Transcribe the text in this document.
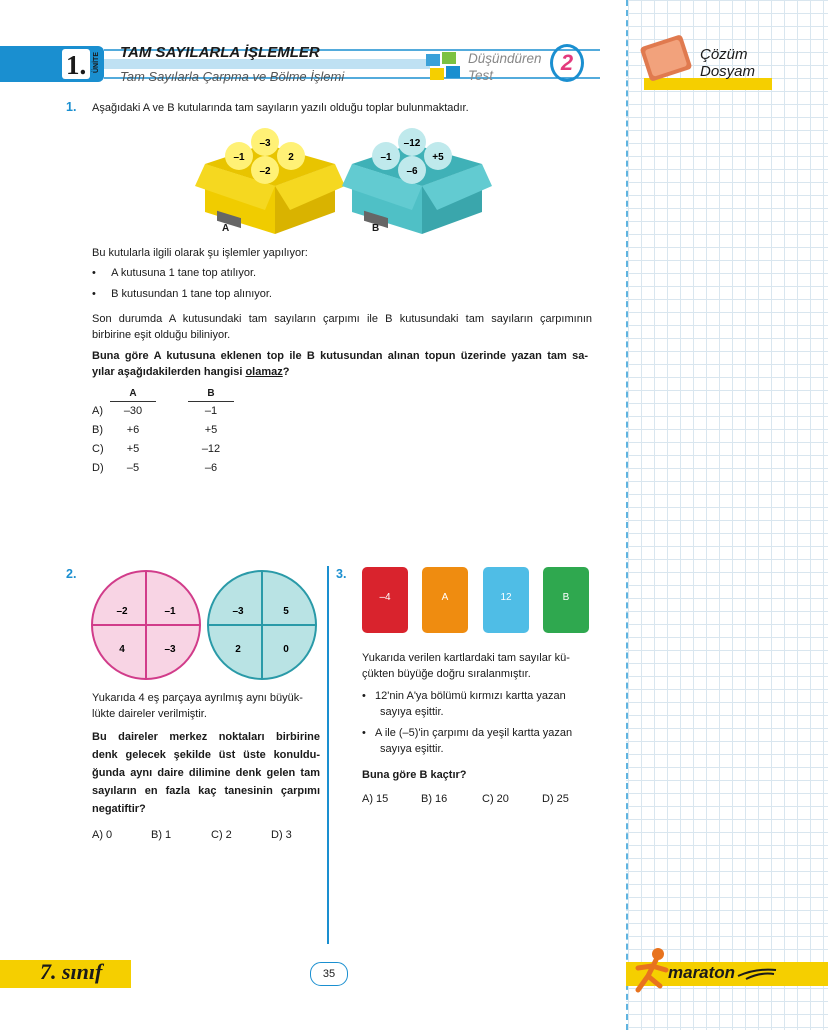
Çözüm
Dosyam
1. ÜNİTE TAM SAYILARLA İŞLEMLER
Tam Sayılarla Çarpma ve Bölme İşlemi
Düşündüren
Test
2
1. Aşağıdaki A ve B kutularında tam sayıların yazılı olduğu toplar bulunmaktadır.
–3
–1	2
–2
A
–12
–1	+5
–6
B
Bu kutularla ilgili olarak şu işlemler yapılıyor:
•     A kutusuna 1 tane top atılıyor.
•     B kutusundan 1 tane top alınıyor.
Son durumda A kutusundaki tam sayıların çarpımı ile B kutusundaki tam sayıların çarpımının
birbirine eşit olduğu biliniyor.
Buna göre A kutusuna eklenen top ile B kutusundan alınan topun üzerinde yazan tam sa-
yılar aşağıdakilerden hangisi olamaz?
A	B
A)	–30	–1
B)	+6	+5
C)	+5	–12
D)	–5	–6
2.
–2	–1
4	–3
–3	5
2	0
Yukarıda 4 eş parçaya ayrılmış aynı büyük-
lükte daireler verilmiştir.
Bu daireler merkez noktaları birbirine
denk gelecek şekilde üst üste konuldu-
ğunda aynı daire dilimine denk gelen tam
sayıların en fazla kaç tanesinin çarpımı
negatiftir?
A) 0	B) 1	C) 2	D) 3
3.
–4	A	12	B
Yukarıda verilen kartlardaki tam sayılar kü-
çükten büyüğe doğru sıralanmıştır.
•   12'nin A'ya bölümü kırmızı kartta yazan
sayıya eşittir.
•   A ile (–5)'in çarpımı da yeşil kartta yazan
sayıya eşittir.
Buna göre B kaçtır?
A) 15	B) 16	C) 20	D) 25
7. sınıf	35	maraton
